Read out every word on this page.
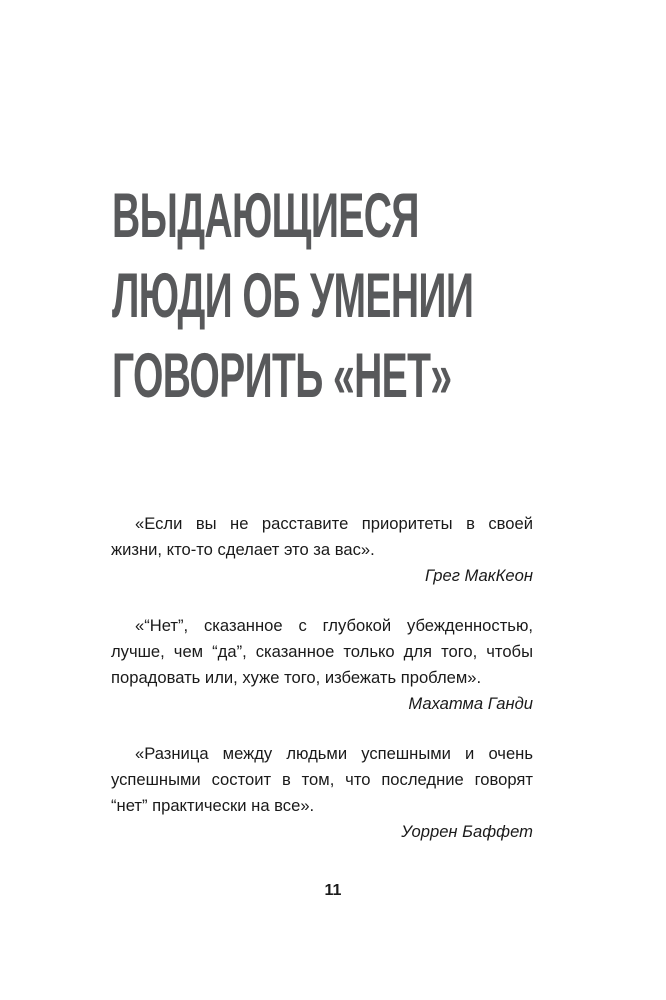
ВЫДАЮЩИЕСЯ
ЛЮДИ ОБ УМЕНИИ
ГОВОРИТЬ «НЕТ»

«Если вы не расставите приоритеты в своей жизни, кто-то сделает это за вас».

Грег МакКеон

«“Нет”, сказанное с глубокой убежденностью, лучше, чем “да”, сказанное только для того, чтобы порадовать или, хуже того, избежать проблем».

Махатма Ганди

«Разница между людьми успешными и очень успешными состоит в том, что последние говорят “нет” практически на все».

Уоррен Баффет

11
